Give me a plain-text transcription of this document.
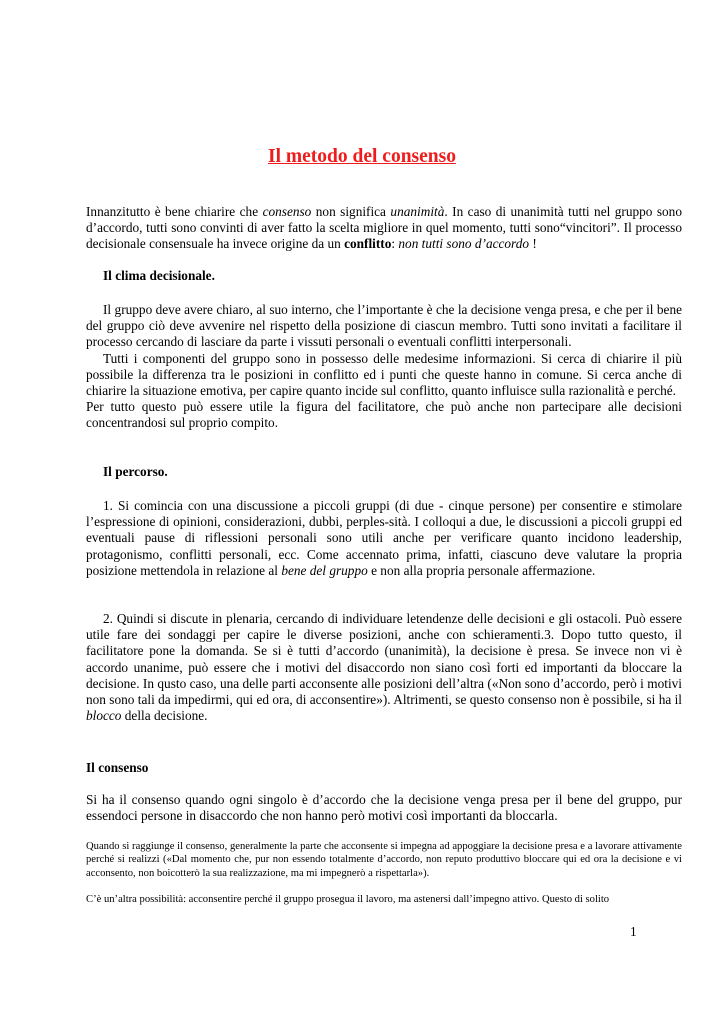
Il metodo del consenso

Innanzitutto è bene chiarire che consenso non significa unanimità. In caso di unanimità tutti nel gruppo sono d’accordo, tutti sono convinti di aver fatto la scelta migliore in quel momento, tutti sono“vincitori”. Il processo decisionale consensuale ha invece origine da un conflitto: non tutti sono d’accordo !

Il clima decisionale.

Il gruppo deve avere chiaro, al suo interno, che l’importante è che la decisione venga presa, e che per il bene del gruppo ciò deve avvenire nel rispetto della posizione di ciascun membro. Tutti sono invitati a facilitare il processo cercando di lasciare da parte i vissuti personali o eventuali conflitti interpersonali.

Tutti i componenti del gruppo sono in possesso delle medesime informazioni. Si cerca di chiarire il più possibile la differenza tra le posizioni in conflitto ed i punti che queste hanno in comune. Si cerca anche di chiarire la situazione emotiva, per capire quanto incide sul conflitto, quanto influisce sulla razionalità e perché.

Per tutto questo può essere utile la figura del facilitatore, che può anche non partecipare alle decisioni concentrandosi sul proprio compito.

Il percorso.

1. Si comincia con una discussione a piccoli gruppi (di due - cinque persone) per consentire e stimolare l’espressione di opinioni, considerazioni, dubbi, perples-sità. I colloqui a due, le discussioni a piccoli gruppi ed eventuali pause di riflessioni personali sono utili anche per verificare quanto incidono leadership, protagonismo, conflitti personali, ecc. Come accennato prima, infatti, ciascuno deve valutare la propria posizione mettendola in relazione al bene del gruppo e non alla propria personale affermazione.

2. Quindi si discute in plenaria, cercando di individuare letendenze delle decisioni e gli ostacoli. Può essere utile fare dei sondaggi per capire le diverse posizioni, anche con schieramenti.3. Dopo tutto questo, il facilitatore pone la domanda. Se si è tutti d’accordo (unanimità), la decisione è presa. Se invece non vi è accordo unanime, può essere che i motivi del disaccordo non siano così forti ed importanti da bloccare la decisione. In qusto caso, una delle parti acconsente alle posizioni dell’altra («Non sono d’accordo, però i motivi non sono tali da impedirmi, qui ed ora, di acconsentire»). Altrimenti, se questo consenso non è possibile, si ha il blocco della decisione.

Il consenso

Si ha il consenso quando ogni singolo è d’accordo che la decisione venga presa per il bene del gruppo, pur essendoci persone in disaccordo che non hanno però motivi così importanti da bloccarla.

Quando si raggiunge il consenso, generalmente la parte che acconsente si impegna ad appoggiare la decisione presa e a lavorare attivamente perché si realizzi («Dal momento che, pur non essendo totalmente d’accordo, non reputo produttivo bloccare qui ed ora la decisione e vi acconsento, non boicotterò la sua realizzazione, ma mi impegnerò a rispettarla»).

C’è un’altra possibilità: acconsentire perché il gruppo prosegua il lavoro, ma astenersi dall’impegno attivo. Questo di solito

1
